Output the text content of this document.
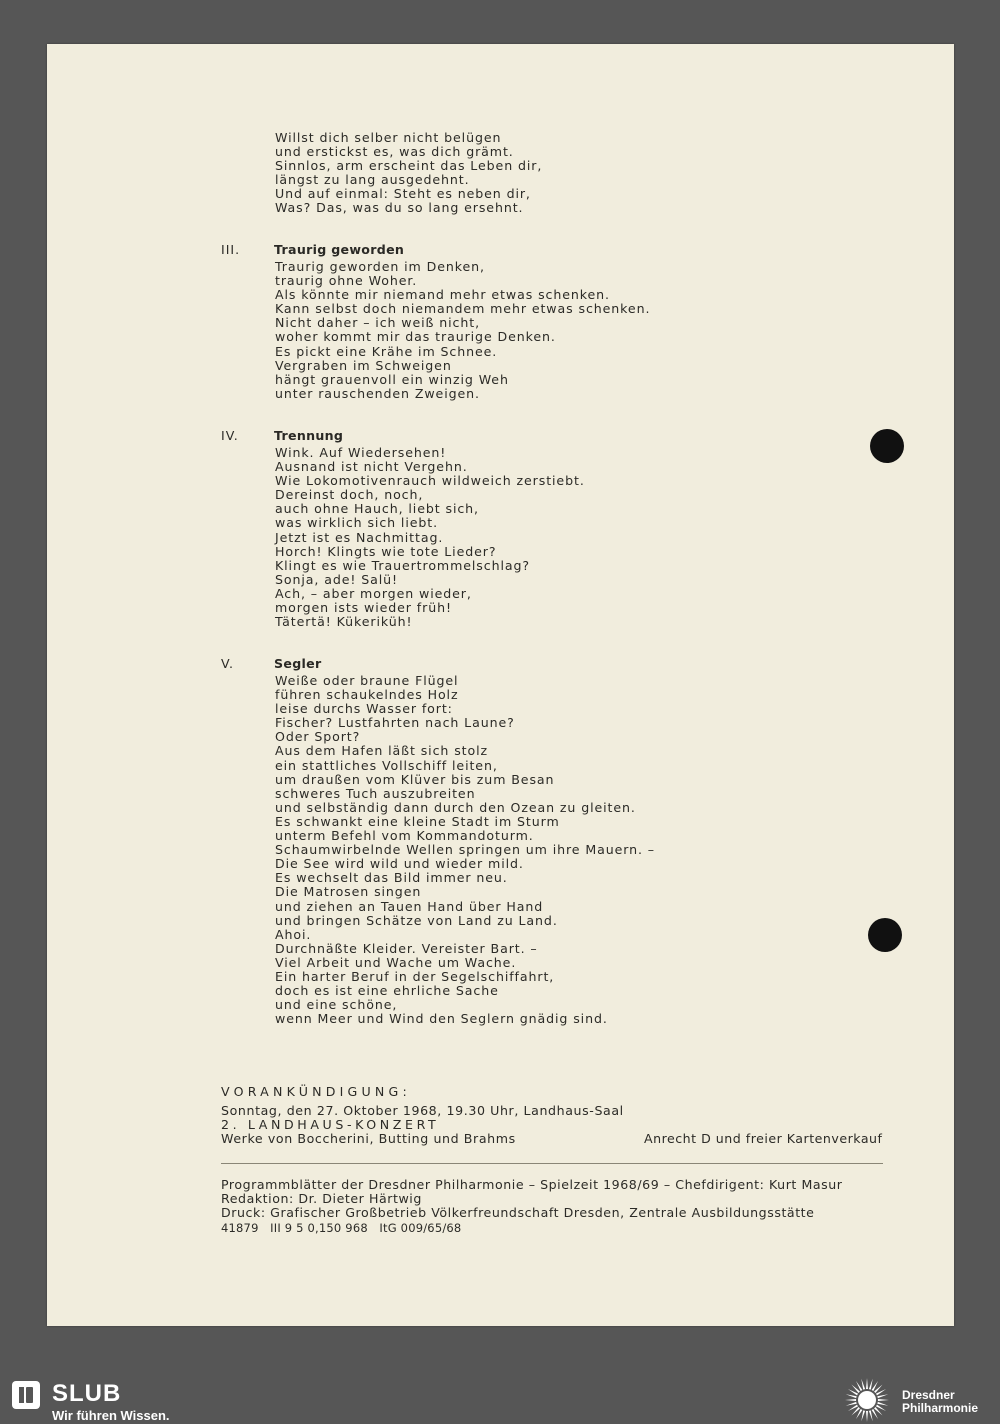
Willst dich selber nicht belügen
und erstickst es, was dich grämt.
Sinnlos, arm erscheint das Leben dir,
längst zu lang ausgedehnt.
Und auf einmal: Steht es neben dir,
Was? Das, was du so lang ersehnt.
III.	Traurig geworden
Traurig geworden im Denken,
traurig ohne Woher.
Als könnte mir niemand mehr etwas schenken.
Kann selbst doch niemandem mehr etwas schenken.
Nicht daher – ich weiß nicht,
woher kommt mir das traurige Denken.
Es pickt eine Krähe im Schnee.
Vergraben im Schweigen
hängt grauenvoll ein winzig Weh
unter rauschenden Zweigen.
IV.	Trennung
Wink. Auf Wiedersehen!
Ausnand ist nicht Vergehn.
Wie Lokomotivenrauch wildweich zerstiebt.
Dereinst doch, noch,
auch ohne Hauch, liebt sich,
was wirklich sich liebt.
Jetzt ist es Nachmittag.
Horch! Klingts wie tote Lieder?
Klingt es wie Trauertrommelschlag?
Sonja, ade! Salü!
Ach, – aber morgen wieder,
morgen ists wieder früh!
Tätertä! Kükeriküh!
V.	Segler
Weiße oder braune Flügel
führen schaukelndes Holz
leise durchs Wasser fort:
Fischer? Lustfahrten nach Laune?
Oder Sport?
Aus dem Hafen läßt sich stolz
ein stattliches Vollschiff leiten,
um draußen vom Klüver bis zum Besan
schweres Tuch auszubreiten
und selbständig dann durch den Ozean zu gleiten.
Es schwankt eine kleine Stadt im Sturm
unterm Befehl vom Kommandoturm.
Schaumwirbelnde Wellen springen um ihre Mauern. –
Die See wird wild und wieder mild.
Es wechselt das Bild immer neu.
Die Matrosen singen
und ziehen an Tauen Hand über Hand
und bringen Schätze von Land zu Land.
Ahoi.
Durchnäßte Kleider. Vereister Bart. –
Viel Arbeit und Wache um Wache.
Ein harter Beruf in der Segelschiffahrt,
doch es ist eine ehrliche Sache
und eine schöne,
wenn Meer und Wind den Seglern gnädig sind.
VORANKÜNDIGUNG:
Sonntag, den 27. Oktober 1968, 19.30 Uhr, Landhaus-Saal
2. LANDHAUS-KONZERT
Werke von Boccherini, Butting und Brahms	Anrecht D und freier Kartenverkauf
Programmblätter der Dresdner Philharmonie – Spielzeit 1968/69 – Chefdirigent: Kurt Masur
Redaktion: Dr. Dieter Härtwig
Druck: Grafischer Großbetrieb Völkerfreundschaft Dresden, Zentrale Ausbildungsstätte
41879   III 9 5 0,150 968   ItG 009/65/68
SLUB
Wir führen Wissen.
Dresdner
Philharmonie
